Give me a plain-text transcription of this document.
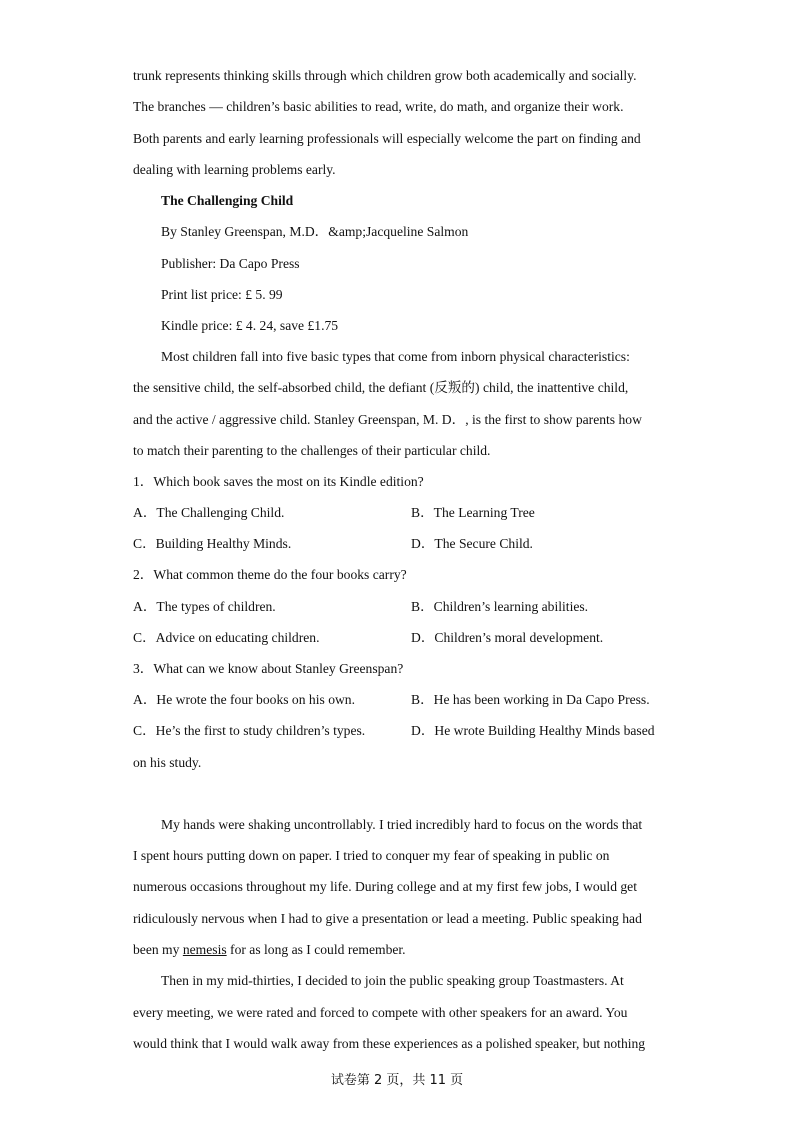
trunk represents thinking skills through which children grow both academically and socially.
The branches — children’s basic abilities to read, write, do math, and organize their work.
Both parents and early learning professionals will especially welcome the part on finding and
dealing with learning problems early.
The Challenging Child
By Stanley Greenspan, M.D．&amp;Jacqueline Salmon
Publisher: Da Capo Press
Print list price: £ 5. 99
Kindle price: £ 4. 24, save £1.75
Most children fall into five basic types that come from inborn physical characteristics:
the sensitive child, the self-absorbed child, the defiant (反叛的) child, the inattentive child,
and the active / aggressive child. Stanley Greenspan, M. D．, is the first to show parents how
to match their parenting to the challenges of their particular child.
1．Which book saves the most on its Kindle edition?
A．The Challenging Child.	B．The Learning Tree
C．Building Healthy Minds.	D．The Secure Child.
2．What common theme do the four books carry?
A．The types of children.	B．Children’s learning abilities.
C．Advice on educating children.	D．Children’s moral development.
3．What can we know about Stanley Greenspan?
A．He wrote the four books on his own.	B．He has been working in Da Capo Press.
C．He’s the first to study children’s types.	D．He wrote Building Healthy Minds based
on his study.
My hands were shaking uncontrollably. I tried incredibly hard to focus on the words that
I spent hours putting down on paper. I tried to conquer my fear of speaking in public on
numerous occasions throughout my life. During college and at my first few jobs, I would get
ridiculously nervous when I had to give a presentation or lead a meeting. Public speaking had
been my nemesis for as long as I could remember.
Then in my mid-thirties, I decided to join the public speaking group Toastmasters. At
every meeting, we were rated and forced to compete with other speakers for an award. You
试卷第 2 页，共 11 页
would think that I would walk away from these experiences as a polished speaker, but nothing
